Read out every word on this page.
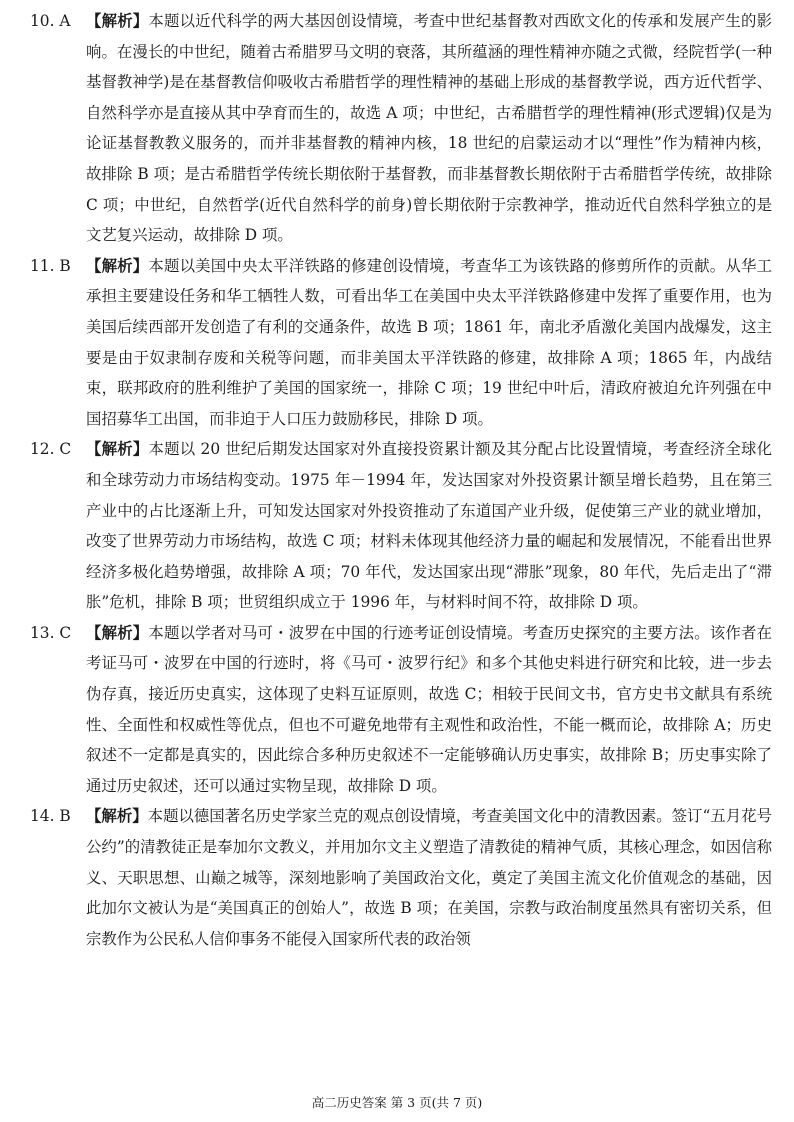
10. A	【解析】本题以近代科学的两大基因创设情境，考查中世纪基督教对西欧文化的传承和发展产生的影响。在漫长的中世纪，随着古希腊罗马文明的衰落，其所蕴涵的理性精神亦随之式微，经院哲学(一种基督教神学)是在基督教信仰吸收古希腊哲学的理性精神的基础上形成的基督教学说，西方近代哲学、自然科学亦是直接从其中孕育而生的，故选 A 项；中世纪，古希腊哲学的理性精神(形式逻辑)仅是为论证基督教教义服务的，而并非基督教的精神内核，18 世纪的启蒙运动才以“理性”作为精神内核，故排除 B 项；是古希腊哲学传统长期依附于基督教，而非基督教长期依附于古希腊哲学传统，故排除 C 项；中世纪，自然哲学(近代自然科学的前身)曾长期依附于宗教神学，推动近代自然科学独立的是文艺复兴运动，故排除 D 项。
11. B 【解析】本题以美国中央太平洋铁路的修建创设情境，考查华工为该铁路的修剪所作的贡献。从华工承担主要建设任务和华工牺牲人数，可看出华工在美国中央太平洋铁路修建中发挥了重要作用，也为美国后续西部开发创造了有利的交通条件，故选 B 项；1861 年，南北矛盾激化美国内战爆发，这主要是由于奴隶制存废和关税等问题，而非美国太平洋铁路的修建，故排除 A 项；1865 年，内战结束，联邦政府的胜利维护了美国的国家统一，排除 C 项；19 世纪中叶后，清政府被迫允许列强在中国招募华工出国，而非迫于人口压力鼓励移民，排除 D 项。
12. C 【解析】本题以 20 世纪后期发达国家对外直接投资累计额及其分配占比设置情境，考查经济全球化和全球劳动力市场结构变动。1975 年－1994 年，发达国家对外投资累计额呈增长趋势，且在第三产业中的占比逐渐上升，可知发达国家对外投资推动了东道国产业升级，促使第三产业的就业增加，改变了世界劳动力市场结构，故选 C 项；材料未体现其他经济力量的崛起和发展情况，不能看出世界经济多极化趋势增强，故排除 A 项；70 年代，发达国家出现“滞胀”现象，80 年代，先后走出了“滞胀”危机，排除 B 项；世贸组织成立于 1996 年，与材料时间不符，故排除 D 项。
13. C 【解析】本题以学者对马可・波罗在中国的行迹考证创设情境。考查历史探究的主要方法。该作者在考证马可・波罗在中国的行迹时，将《马可・波罗行纪》和多个其他史料进行研究和比较，进一步去伪存真，接近历史真实，这体现了史料互证原则，故选 C；相较于民间文书，官方史书文献具有系统性、全面性和权威性等优点，但也不可避免地带有主观性和政治性，不能一概而论，故排除 A；历史叙述不一定都是真实的，因此综合多种历史叙述不一定能够确认历史事实，故排除 B；历史事实除了通过历史叙述，还可以通过实物呈现，故排除 D 项。
14. B 【解析】本题以德国著名历史学家兰克的观点创设情境，考查美国文化中的清教因素。签订“五月花号公约”的清教徒正是奉加尔文教义，并用加尔文主义塑造了清教徒的精神气质，其核心理念，如因信称义、天职思想、山巅之城等，深刻地影响了美国政治文化，奠定了美国主流文化价值观念的基础，因此加尔文被认为是“美国真正的创始人”，故选 B 项；在美国，宗教与政治制度虽然具有密切关系，但宗教作为公民私人信仰事务不能侵入国家所代表的政治领
高二历史答案 第 3 页(共 7 页)
